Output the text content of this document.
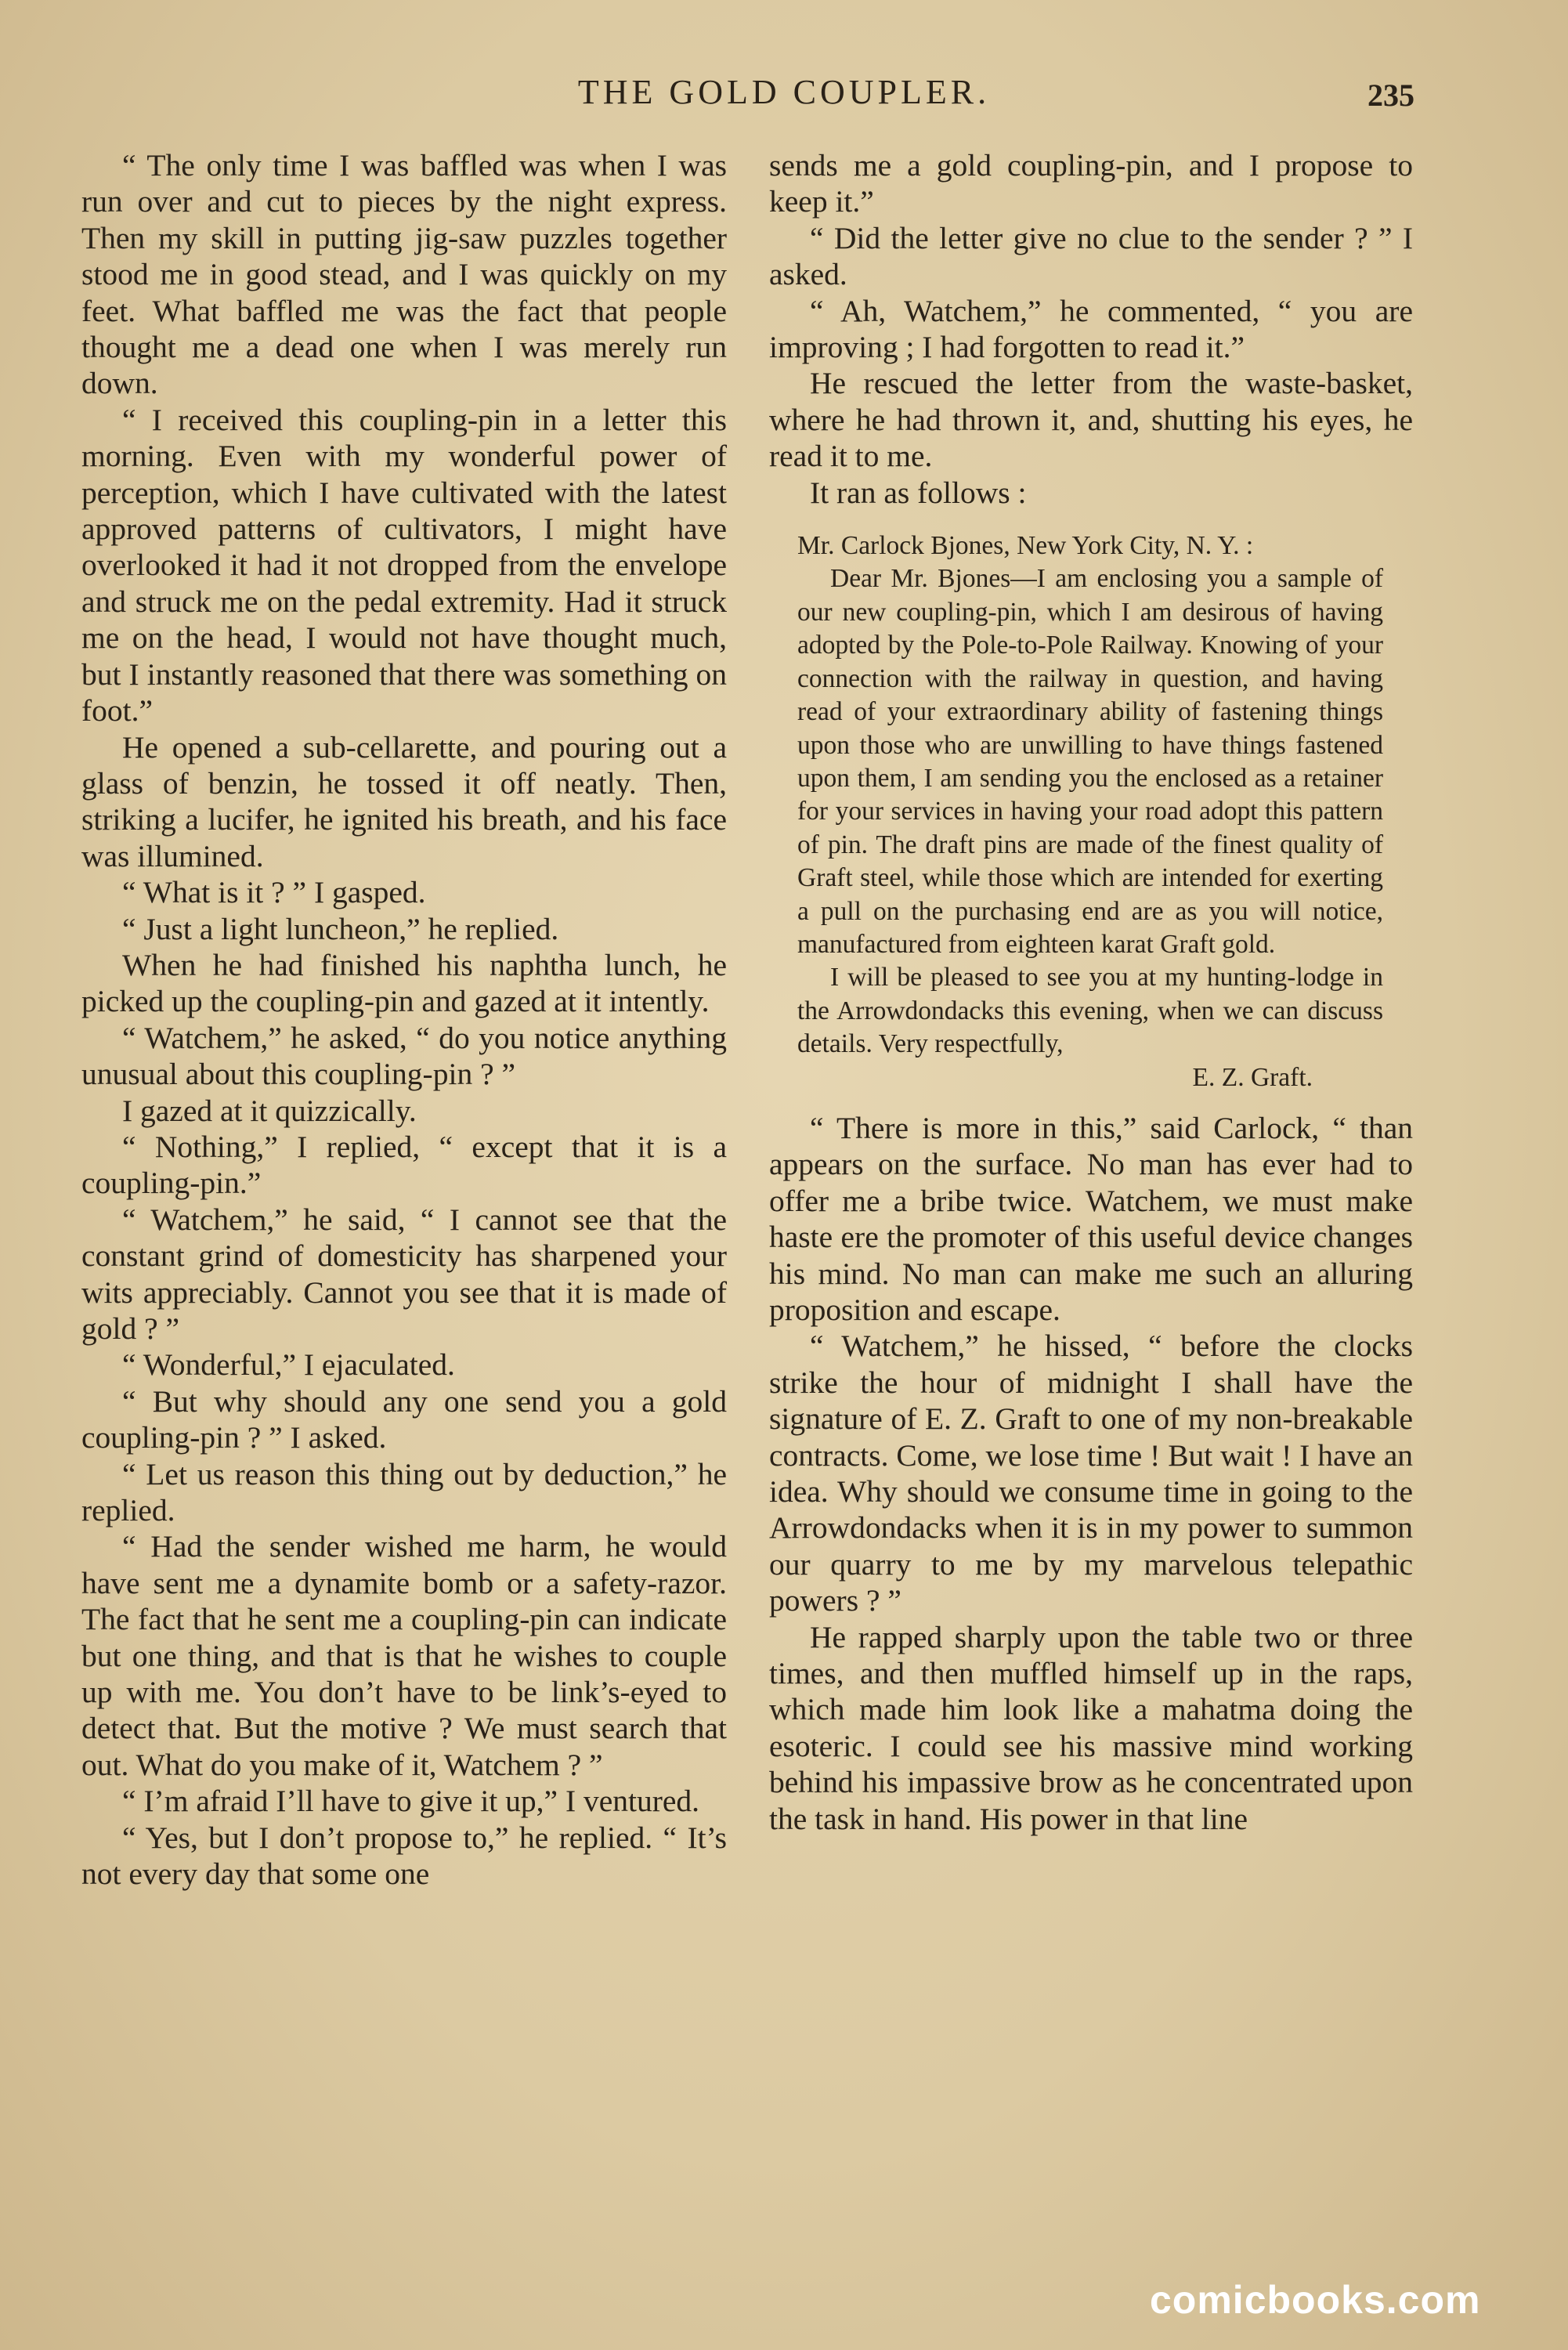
THE GOLD COUPLER.	235

“ The only time I was baffled was when I was run over and cut to pieces by the night express. Then my skill in putting jig-saw puzzles together stood me in good stead, and I was quickly on my feet. What baffled me was the fact that people thought me a dead one when I was merely run down.

“ I received this coupling-pin in a letter this morning. Even with my wonderful power of perception, which I have cultivated with the latest approved patterns of cultivators, I might have overlooked it had it not dropped from the envelope and struck me on the pedal extremity. Had it struck me on the head, I would not have thought much, but I instantly reasoned that there was something on foot.”

He opened a sub-cellarette, and pouring out a glass of benzin, he tossed it off neatly. Then, striking a lucifer, he ignited his breath, and his face was illumined.

“ What is it ? ” I gasped.

“ Just a light luncheon,” he replied.

When he had finished his naphtha lunch, he picked up the coupling-pin and gazed at it intently.

“ Watchem,” he asked, “ do you notice anything unusual about this coupling-pin ? ”

I gazed at it quizzically.

“ Nothing,” I replied, “ except that it is a coupling-pin.”

“ Watchem,” he said, “ I cannot see that the constant grind of domesticity has sharpened your wits appreciably. Cannot you see that it is made of gold ? ”

“ Wonderful,” I ejaculated.

“ But why should any one send you a gold coupling-pin ? ” I asked.

“ Let us reason this thing out by deduction,” he replied.

“ Had the sender wished me harm, he would have sent me a dynamite bomb or a safety-razor. The fact that he sent me a coupling-pin can indicate but one thing, and that is that he wishes to couple up with me. You don’t have to be link’s-eyed to detect that. But the motive ? We must search that out. What do you make of it, Watchem ? ”

“ I’m afraid I’ll have to give it up,” I ventured.

“ Yes, but I don’t propose to,” he replied. “ It’s not every day that some one

sends me a gold coupling-pin, and I propose to keep it.”

“ Did the letter give no clue to the sender ? ” I asked.

“ Ah, Watchem,” he commented, “ you are improving ; I had forgotten to read it.”

He rescued the letter from the waste-basket, where he had thrown it, and, shutting his eyes, he read it to me.

It ran as follows :

Mr. Carlock Bjones, New York City, N. Y. :

Dear Mr. Bjones—I am enclosing you a sample of our new coupling-pin, which I am desirous of having adopted by the Pole-to-Pole Railway. Knowing of your connection with the railway in question, and having read of your extraordinary ability of fastening things upon those who are unwilling to have things fastened upon them, I am sending you the enclosed as a retainer for your services in having your road adopt this pattern of pin. The draft pins are made of the finest quality of Graft steel, while those which are intended for exerting a pull on the purchasing end are as you will notice, manufactured from eighteen karat Graft gold.

I will be pleased to see you at my hunting-lodge in the Arrowdondacks this evening, when we can discuss details. Very respectfully,

E. Z. Graft.

“ There is more in this,” said Carlock, “ than appears on the surface. No man has ever had to offer me a bribe twice. Watchem, we must make haste ere the promoter of this useful device changes his mind. No man can make me such an alluring proposition and escape.

“ Watchem,” he hissed, “ before the clocks strike the hour of midnight I shall have the signature of E. Z. Graft to one of my non-breakable contracts. Come, we lose time ! But wait ! I have an idea. Why should we consume time in going to the Arrowdondacks when it is in my power to summon our quarry to me by my marvelous telepathic powers ? ”

He rapped sharply upon the table two or three times, and then muffled himself up in the raps, which made him look like a mahatma doing the esoteric. I could see his massive mind working behind his impassive brow as he concentrated upon the task in hand. His power in that line

comicbooks.com
